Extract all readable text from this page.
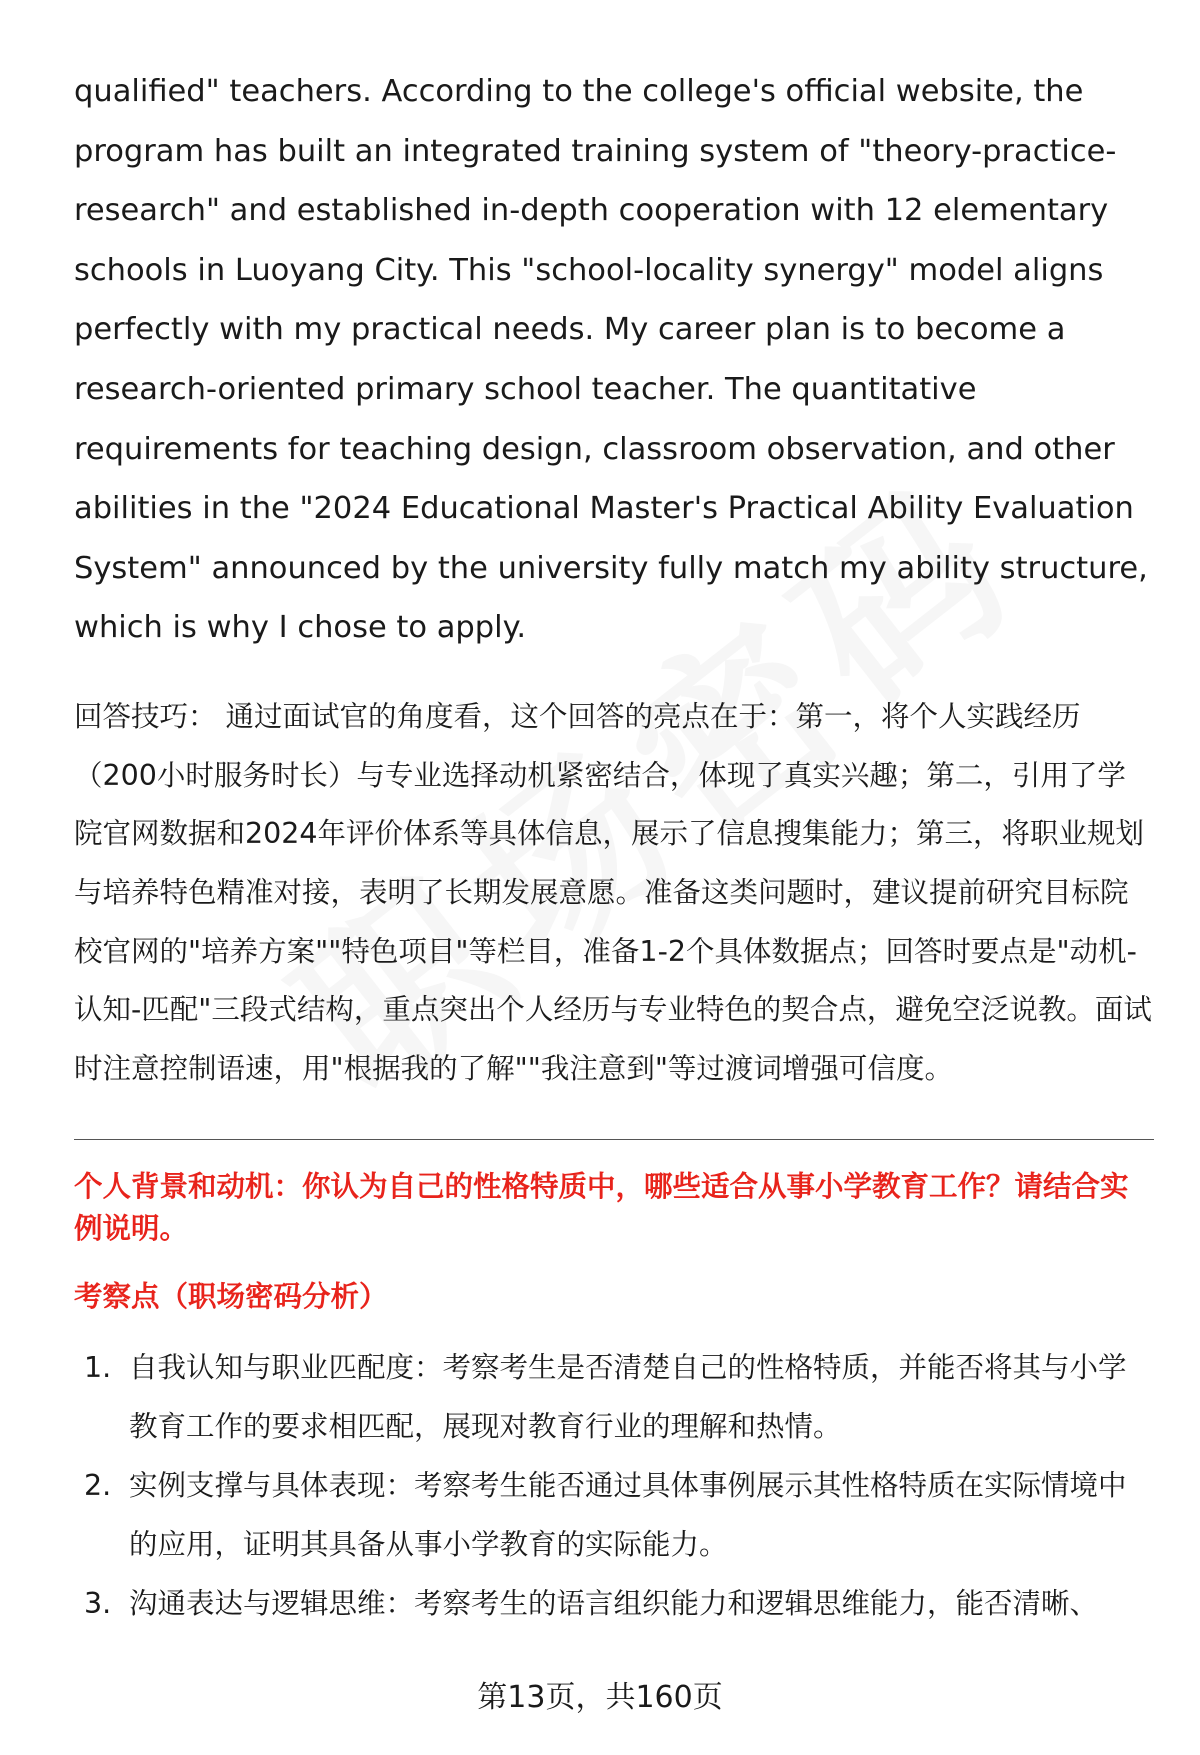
qualified" teachers. According to the college's official website, the program has built an integrated training system of "theory-practice-research" and established in-depth cooperation with 12 elementary schools in Luoyang City. This "school-locality synergy" model aligns perfectly with my practical needs. My career plan is to become a research-oriented primary school teacher. The quantitative requirements for teaching design, classroom observation, and other abilities in the "2024 Educational Master's Practical Ability Evaluation System" announced by the university fully match my ability structure, which is why I chose to apply.

回答技巧： 通过面试官的角度看，这个回答的亮点在于：第一，将个人实践经历（200小时服务时长）与专业选择动机紧密结合，体现了真实兴趣；第二，引用了学院官网数据和2024年评价体系等具体信息，展示了信息搜集能力；第三，将职业规划与培养特色精准对接，表明了长期发展意愿。准备这类问题时，建议提前研究目标院校官网的"培养方案""特色项目"等栏目，准备1-2个具体数据点；回答时要点是"动机-认知-匹配"三段式结构，重点突出个人经历与专业特色的契合点，避免空泛说教。面试时注意控制语速，用"根据我的了解""我注意到"等过渡词增强可信度。

个人背景和动机：你认为自己的性格特质中，哪些适合从事小学教育工作？请结合实例说明。

考察点（职场密码分析）

1. 自我认知与职业匹配度：考察考生是否清楚自己的性格特质，并能否将其与小学教育工作的要求相匹配，展现对教育行业的理解和热情。
2. 实例支撑与具体表现：考察考生能否通过具体事例展示其性格特质在实际情境中的应用，证明其具备从事小学教育的实际能力。
3. 沟通表达与逻辑思维：考察考生的语言组织能力和逻辑思维能力，能否清晰、
第13页，共160页
